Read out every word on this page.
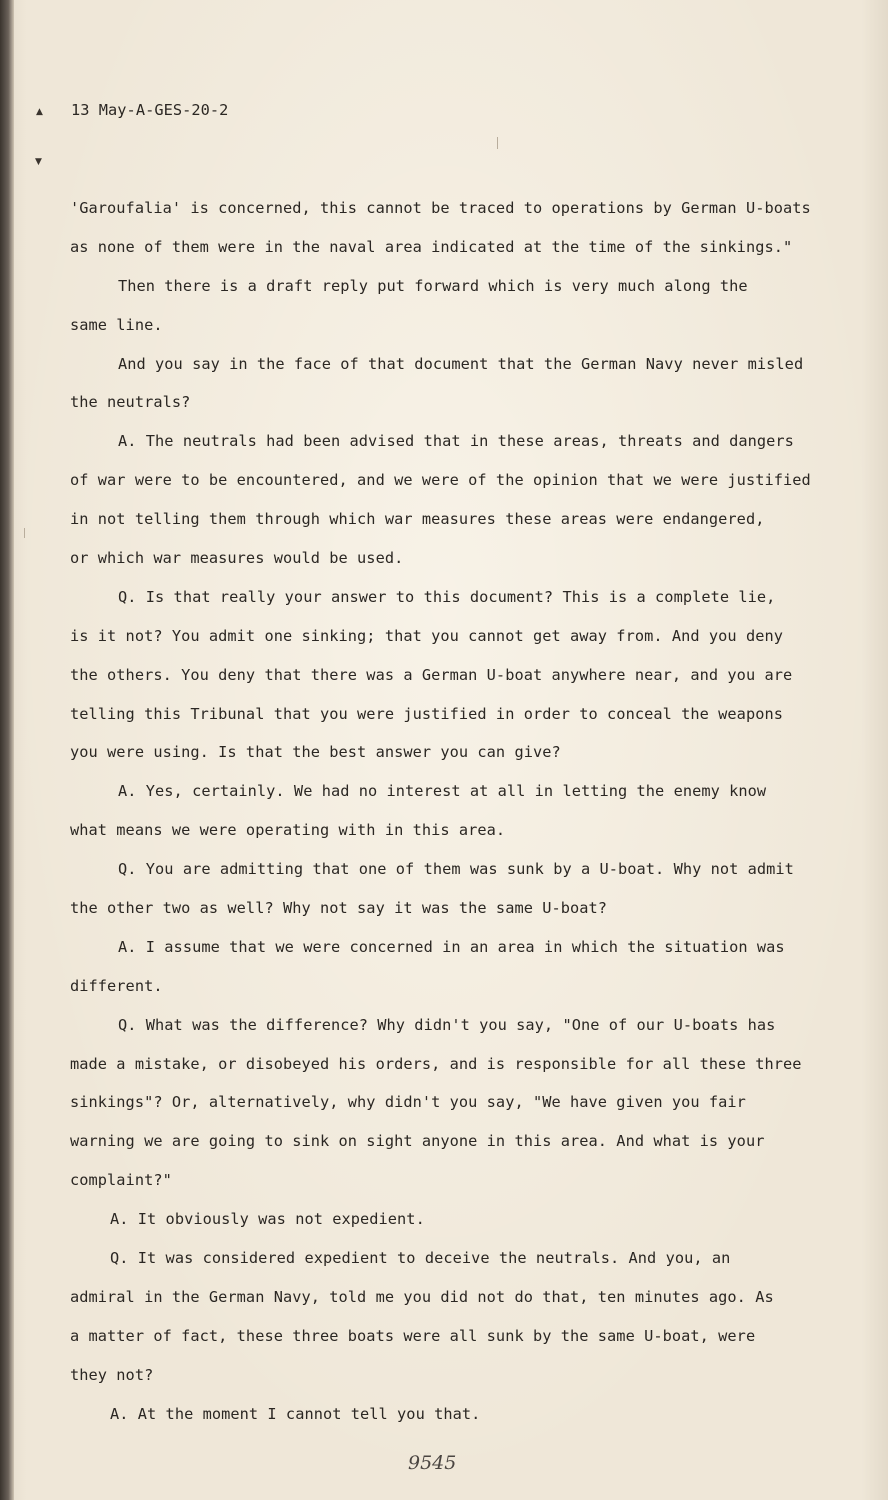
▲
▼
13 May-A-GES-20-2
'Garoufalia' is concerned, this cannot be traced to operations by German U-boats
as none of them were in the naval area indicated at the time of the sinkings."
Then there is a draft reply put forward which is very much along the
same line.
And you say in the face of that document that the German Navy never misled
the neutrals?
A. The neutrals had been advised that in these areas, threats and dangers
of war were to be encountered, and we were of the opinion that we were justified
in not telling them through which war measures these areas were endangered,
or which war measures would be used.
Q. Is that really your answer to this document? This is a complete lie,
is it not? You admit one sinking; that you cannot get away from. And you deny
the others. You deny that there was a German U-boat anywhere near, and you are
telling this Tribunal that you were justified in order to conceal the weapons
you were using. Is that the best answer you can give?
A. Yes, certainly. We had no interest at all in letting the enemy know
what means we were operating with in this area.
Q. You are admitting that one of them was sunk by a U-boat. Why not admit
the other two as well? Why not say it was the same U-boat?
A. I assume that we were concerned in an area in which the situation was
different.
Q. What was the difference? Why didn't you say, "One of our U-boats has
made a mistake, or disobeyed his orders, and is responsible for all these three
sinkings"? Or, alternatively, why didn't you say, "We have given you fair
warning we are going to sink on sight anyone in this area. And what is your
complaint?"
A. It obviously was not expedient.
Q. It was considered expedient to deceive the neutrals. And you, an
admiral in the German Navy, told me you did not do that, ten minutes ago. As
a matter of fact, these three boats were all sunk by the same U-boat, were
they not?
A. At the moment I cannot tell you that.
9545
